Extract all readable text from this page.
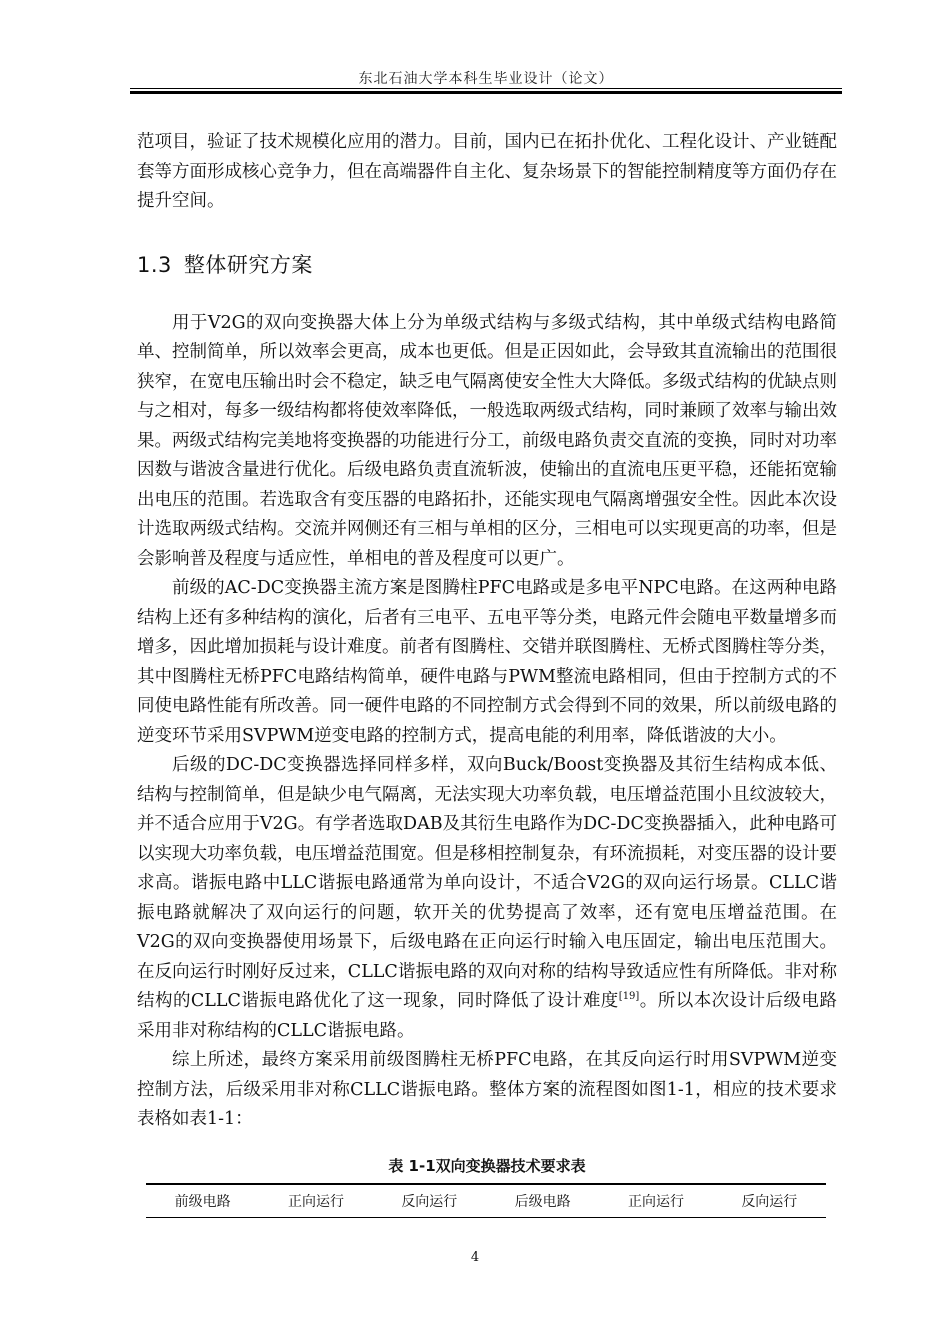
东北石油大学本科生毕业设计（论文）

范项目，验证了技术规模化应用的潜力。目前，国内已在拓扑优化、工程化设计、产业链配套等方面形成核心竞争力，但在高端器件自主化、复杂场景下的智能控制精度等方面仍存在提升空间。

1.3 整体研究方案

用于V2G的双向变换器大体上分为单级式结构与多级式结构，其中单级式结构电路简单、控制简单，所以效率会更高，成本也更低。但是正因如此，会导致其直流输出的范围很狭窄，在宽电压输出时会不稳定，缺乏电气隔离使安全性大大降低。多级式结构的优缺点则与之相对，每多一级结构都将使效率降低，一般选取两级式结构，同时兼顾了效率与输出效果。两级式结构完美地将变换器的功能进行分工，前级电路负责交直流的变换，同时对功率因数与谐波含量进行优化。后级电路负责直流斩波，使输出的直流电压更平稳，还能拓宽输出电压的范围。若选取含有变压器的电路拓扑，还能实现电气隔离增强安全性。因此本次设计选取两级式结构。交流并网侧还有三相与单相的区分，三相电可以实现更高的功率，但是会影响普及程度与适应性，单相电的普及程度可以更广。

前级的AC-DC变换器主流方案是图腾柱PFC电路或是多电平NPC电路。在这两种电路结构上还有多种结构的演化，后者有三电平、五电平等分类，电路元件会随电平数量增多而增多，因此增加损耗与设计难度。前者有图腾柱、交错并联图腾柱、无桥式图腾柱等分类，其中图腾柱无桥PFC电路结构简单，硬件电路与PWM整流电路相同，但由于控制方式的不同使电路性能有所改善。同一硬件电路的不同控制方式会得到不同的效果，所以前级电路的逆变环节采用SVPWM逆变电路的控制方式，提高电能的利用率，降低谐波的大小。

后级的DC-DC变换器选择同样多样，双向Buck/Boost变换器及其衍生结构成本低、结构与控制简单，但是缺少电气隔离，无法实现大功率负载，电压增益范围小且纹波较大，并不适合应用于V2G。有学者选取DAB及其衍生电路作为DC-DC变换器插入，此种电路可以实现大功率负载，电压增益范围宽。但是移相控制复杂，有环流损耗，对变压器的设计要求高。谐振电路中LLC谐振电路通常为单向设计，不适合V2G的双向运行场景。CLLC谐振电路就解决了双向运行的问题，软开关的优势提高了效率，还有宽电压增益范围。在V2G的双向变换器使用场景下，后级电路在正向运行时输入电压固定，输出电压范围大。在反向运行时刚好反过来，CLLC谐振电路的双向对称的结构导致适应性有所降低。非对称结构的CLLC谐振电路优化了这一现象，同时降低了设计难度[19]。所以本次设计后级电路采用非对称结构的CLLC谐振电路。

综上所述，最终方案采用前级图腾柱无桥PFC电路，在其反向运行时用SVPWM逆变控制方法，后级采用非对称CLLC谐振电路。整体方案的流程图如图1-1，相应的技术要求表格如表1-1：

表 1-1双向变换器技术要求表
前级电路	正向运行	反向运行	后级电路	正向运行	反向运行
4
